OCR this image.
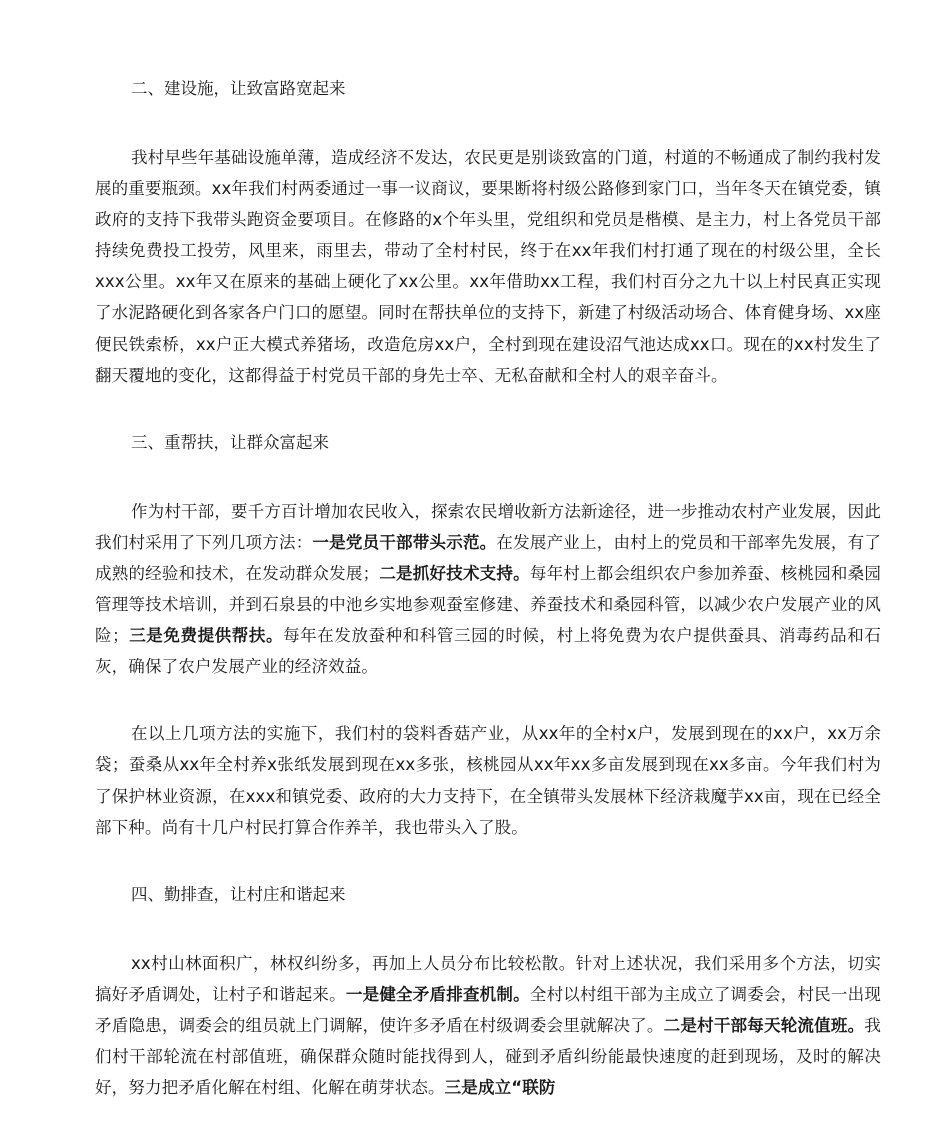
二、建设施，让致富路宽起来

我村早些年基础设施单薄，造成经济不发达，农民更是别谈致富的门道，村道的不畅通成了制约我村发展的重要瓶颈。xx年我们村两委通过一事一议商议，要果断将村级公路修到家门口，当年冬天在镇党委，镇政府的支持下我带头跑资金要项目。在修路的x个年头里，党组织和党员是楷模、是主力，村上各党员干部持续免费投工投劳，风里来，雨里去，带动了全村村民，终于在xx年我们村打通了现在的村级公里，全长xxx公里。xx年又在原来的基础上硬化了xx公里。xx年借助xx工程，我们村百分之九十以上村民真正实现了水泥路硬化到各家各户门口的愿望。同时在帮扶单位的支持下，新建了村级活动场合、体育健身场、xx座便民铁索桥，xx户正大模式养猪场，改造危房xx户，全村到现在建设沼气池达成xx口。现在的xx村发生了翻天覆地的变化，这都得益于村党员干部的身先士卒、无私奋献和全村人的艰辛奋斗。

三、重帮扶，让群众富起来

作为村干部，要千方百计增加农民收入，探索农民增收新方法新途径，进一步推动农村产业发展，因此我们村采用了下列几项方法：一是党员干部带头示范。在发展产业上，由村上的党员和干部率先发展，有了成熟的经验和技术，在发动群众发展；二是抓好技术支持。每年村上都会组织农户参加养蚕、核桃园和桑园管理等技术培训，并到石泉县的中池乡实地参观蚕室修建、养蚕技术和桑园科管，以减少农户发展产业的风险；三是免费提供帮扶。每年在发放蚕种和科管三园的时候，村上将免费为农户提供蚕具、消毒药品和石灰，确保了农户发展产业的经济效益。

在以上几项方法的实施下，我们村的袋料香菇产业，从xx年的全村x户，发展到现在的xx户，xx万余袋；蚕桑从xx年全村养x张纸发展到现在xx多张，核桃园从xx年xx多亩发展到现在xx多亩。今年我们村为了保护林业资源，在xxx和镇党委、政府的大力支持下，在全镇带头发展林下经济栽魔芋xx亩，现在已经全部下种。尚有十几户村民打算合作养羊，我也带头入了股。

四、勤排查，让村庄和谐起来

xx村山林面积广，林权纠纷多，再加上人员分布比较松散。针对上述状况，我们采用多个方法，切实搞好矛盾调处，让村子和谐起来。一是健全矛盾排查机制。全村以村组干部为主成立了调委会，村民一出现矛盾隐患，调委会的组员就上门调解，使许多矛盾在村级调委会里就解决了。二是村干部每天轮流值班。我们村干部轮流在村部值班，确保群众随时能找得到人，碰到矛盾纠纷能最快速度的赶到现场，及时的解决好，努力把矛盾化解在村组、化解在萌芽状态。三是成立“联防
